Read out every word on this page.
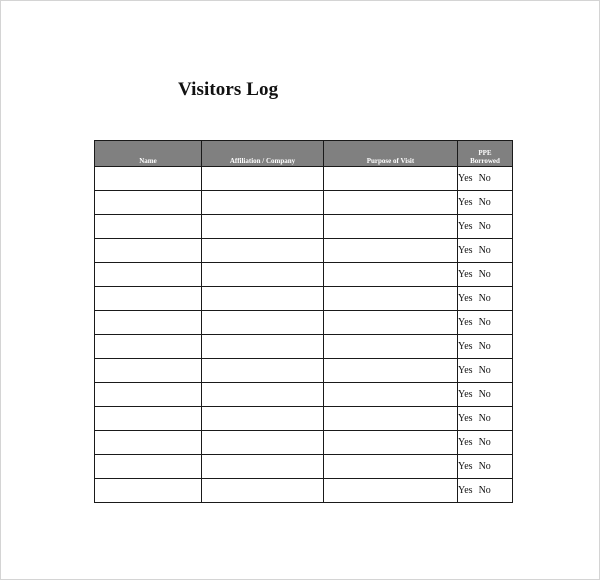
Visitors Log
Name	Affiliation / Company	Purpose of Visit	PPE
Borrowed
			Yes No
			Yes No
			Yes No
			Yes No
			Yes No
			Yes No
			Yes No
			Yes No
			Yes No
			Yes No
			Yes No
			Yes No
			Yes No
			Yes No
